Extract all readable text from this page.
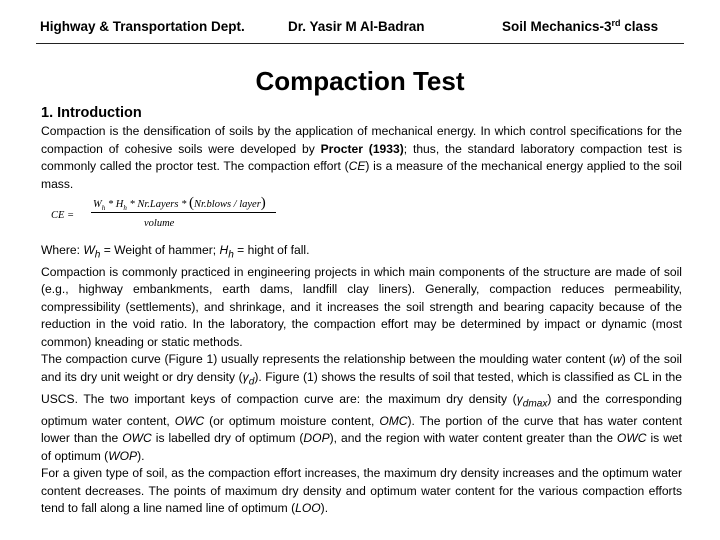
Highway & Transportation Dept.	Dr. Yasir M Al-Badran	Soil Mechanics-3rd class
Compaction Test
1. Introduction

Compaction is the densification of soils by the application of mechanical energy. In which control specifications for the compaction of cohesive soils were developed by Procter (1933); thus, the standard laboratory compaction test is commonly called the proctor test. The compaction effort (CE) is a measure of the mechanical energy applied to the soil mass.

CE =
$W_h * H_h$ * Nr.Layers * (Nr.blows / layer)
volume

Where: $W_h$ = Weight of hammer; $H_h$ = hight of fall.

Compaction is commonly practiced in engineering projects in which main components of the structure are made of soil (e.g., highway embankments, earth dams, landfill clay liners). Generally, compaction reduces permeability, compressibility (settlements), and shrinkage, and it increases the soil strength and bearing capacity because of the reduction in the void ratio. In the laboratory, the compaction effort may be determined by impact or dynamic (most common) kneading or static methods.

The compaction curve (Figure 1) usually represents the relationship between the moulding water content (w) of the soil and its dry unit weight or dry density $(\gamma_d)$. Figure (1) shows the results of soil that tested, which is classified as CL in the USCS. The two important keys of compaction curve are: the maximum dry density $(\gamma_{dmax})$ and the corresponding optimum water content, OWC (or optimum moisture content, OMC). The portion of the curve that has water content lower than the OWC is labelled dry of optimum (DOP), and the region with water content greater than the OWC is wet of optimum (WOP).

For a given type of soil, as the compaction effort increases, the maximum dry density increases and the optimum water content decreases. The points of maximum dry density and optimum water content for the various compaction efforts tend to fall along a line named line of optimum (LOO).
